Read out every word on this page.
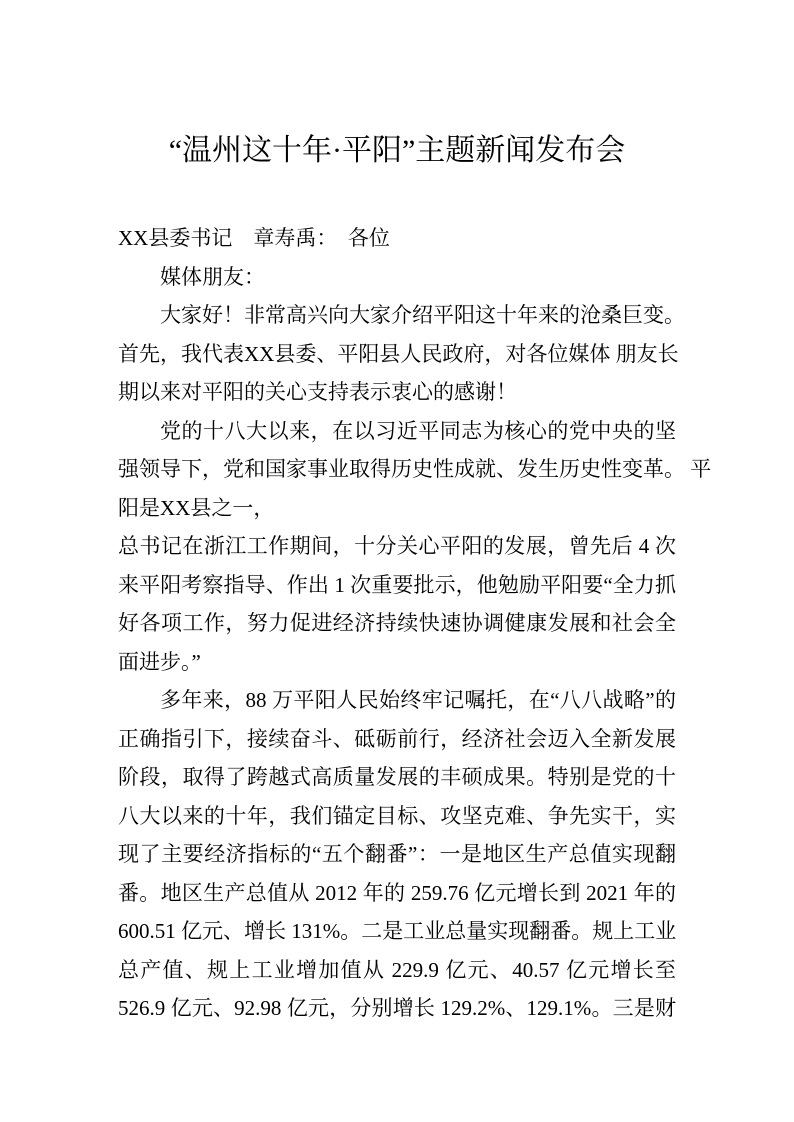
“温州这十年·平阳”主题新闻发布会
XX县委书记　章寿禹：　各位
媒体朋友：
大家好！非常高兴向大家介绍平阳这十年来的沧桑巨变。
首先，我代表XX县委、平阳县人民政府，对各位媒体 朋友长
期以来对平阳的关心支持表示衷心的感谢！
党的十八大以来，在以习近平同志为核心的党中央的坚
强领导下，党和国家事业取得历史性成就、发生历史性变革。 平
阳是XX县之一，
总书记在浙江工作期间，十分关心平阳的发展，曾先后 4 次
来平阳考察指导、作出 1 次重要批示，他勉励平阳要“全力抓
好各项工作，努力促进经济持续快速协调健康发展和社会全
面进步。”
多年来，88 万平阳人民始终牢记嘱托，在“八八战略”的
正确指引下，接续奋斗、砥砺前行，经济社会迈入全新发展
阶段，取得了跨越式高质量发展的丰硕成果。特别是党的十
八大以来的十年，我们锚定目标、攻坚克难、争先实干，实
现了主要经济指标的“五个翻番”：一是地区生产总值实现翻
番。地区生产总值从 2012 年的 259.76 亿元增长到 2021 年的
600.51 亿元、增长 131%。二是工业总量实现翻番。规上工业
总产值、规上工业增加值从 229.9 亿元、40.57 亿元增长至
526.9 亿元、92.98 亿元，分别增长 129.2%、129.1%。三是财
